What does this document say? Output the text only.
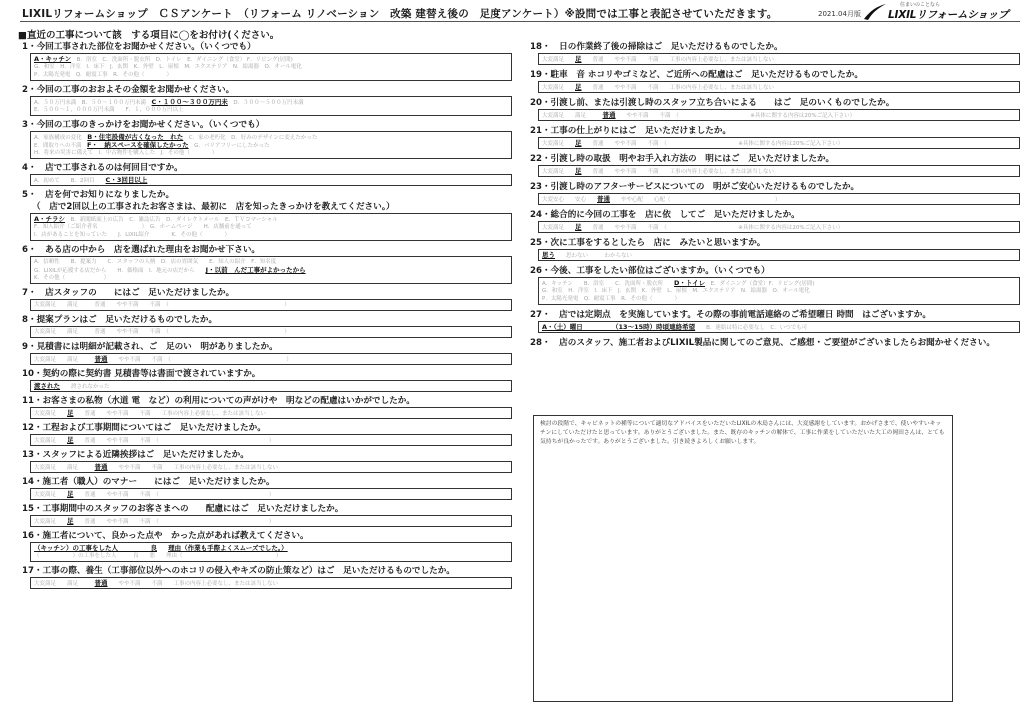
LIXILリフォームショップ　ＣＳアンケート　（リフォーム リノベーション　改築 建替え後の　足度アンケート）※設問では工事と表記させていただきます。	2021.04月版
住まいのことなら
LIXILリフォームショップ
■直近の工事について該　する項目に◯をお付け(ください。
1・今回工事された部位をお聞かせください。（いくつでも）
A・キッチン　B．浴室　C．洗面所・脱衣所　D．トイレ　E．ダイニング（食堂） F．リビング(居間)
G．和室　H．洋室　I．床下　J．玄関　K．外壁　L．屋根　M．エクステリア　N．給湯器　O．オール電化
P．太陽光発電　Q．耐震工事　R．その他（　　　　）
2・今回の工事のおおよその金額をお聞かせください。
A．５０万円未満　B．５０〜１００万円未満　C・１００〜３００万円未　D．３００〜５００万円未満
E．５００〜１，０００万円未満　　F．１，０００万円以上
3・今回の工事のきっかけをお聞かせください。（いくつでも）
A．家族構成の変化　B・住宅設備が古くなった　れた　C．家の老朽化　D．好みのデザインに変えたかった
E．間取りへの不満　F・　納スペースを確保したかった　G．バリアフリーにしたかった
H．将来の災害に備えて　I．中古物件を購入した　J．その他（　　　　）
4・　店で工事されるのは何回目ですか。
A．初めて　　B．2回目　　C・3回目以上
5・　店を何でお知りになりましたか。
（　店で2回以上の工事されたお客さまは、最初に　店を知ったきっかけを教えてください。）
A・チラシ　B．新聞紙面上の広告　C．雑誌広告　D．ダイレクトメール　E．ＴＶコマーシャル
F．知人紹介（ご紹介者名　　　　　　　　）　G．ホームページ　　H．店舗前を通って
I．店があることを知っていた　　J．LIXIL紹介　　　　K．その他（　　　　）
6・　ある店の中から　店を選ばれた理由をお聞かせ下さい。
A．信頼性　　B．提案力　　C．スタッフの人柄　D．店の雰囲気　　E．知人の紹介　F．知名度
G．LIXILが応援する店だから　　H．価格面　I．地元の店だから　　J・以前　んだ工事がよかったから
K．その他（　　　　　　　）
7・　店スタッフの　　にはご　足いただけましたか。
大変満足　　満足　　　普通　　やや不満　　不満　（　　　　　　　　　　　　　　　　　　　　　）
8・提案プランはご　足いただけるものでしたか。
大変満足　　満足　　　普通　　やや不満　　不満　（　　　　　　　　　　　　　　　　　　　　　）
9・見積書には明細が記載され、ご　足のい　明がありましたか。
大変満足　　満足　　　普通　　やや不満　　不満　（　　　　　　　　　　　　　　　　　　　　　）
10・契約の際に契約書 見積書等は書面で渡されていますか。
渡された　　渡されなかった
11・お客さまの私物（水道 電　など）の利用についての声がけや　明などの配慮はいかがでしたか。
大変満足　　足　　普通　　やや不満　　不満　　工事の内容上必要なし、または該当しない
12・工程および工事期間についてはご　足いただけましたか。
大変満足　　足　　普通　　やや不満　　不満　（　　　　　　　　　　　　　　　　　　　　）
13・スタッフによる近隣挨拶はご　足いただけましたか。
大変満足　　満足　　　普通　　やや不満　　不満　　工事の内容上必要なし、または該当しない
14・施工者（職人）のマナー　　にはご　足いただけましたか。
大変満足　　足　　普通　　やや不満　　不満　（　　　　　　　　　　　　　　　　　　　　）
15・工事期間中のスタッフのお客さまへの　　配慮にはご　足いただけましたか。
大変満足　　足　　普通　　やや不満　　不満　（　　　　　　　　　　　　　　　　　　　　）
16・施工者について、良かった点や　かった点があれば教えてください。
（キッチン）の工事をした人　　　　　良　　 理由（作業も手際よくスムーズでした。）
（　　　　　　）の工事をした人　　　良　　悪　　理由（　　　　　　　　　　　　　　　　　）
17・工事の際、養生（工事部位以外へのホコリの侵入やキズの防止策など）はご　足いただけるものでしたか。
大変満足　　満足　　　普通　　やや不満　　不満　　工事の内容上必要なし、または該当しない
18・　日の作業終了後の掃除はご　足いただけるものでしたか。
大変満足　　足　　普通　　やや不満　　不満　　工事の内容上必要なし、または該当しない
19・駐車　音 ホコリやゴミなど、ご近所への配慮はご　足いただけるものでしたか。
大変満足　　足　　普通　　やや不満　　不満　　工事の内容上必要なし、または該当しない
20・引渡し前、または引渡し時のスタッフ立ち合いによる　　はご　足のいくものでしたか。
大変満足　　満足　　　普通　　やや不満　　不満　（　　　　　　　　　　　　　※具体に関する内容は20%ご記入下さい）
21・工事の仕上がりにはご　足いただけましたか。
大変満足　　足　　普通　　やや不満　　不満　（　　　　　　　　　　　　　※具体に関する内容は20%ご記入下さい）
22・引渡し時の取扱　明やお手入れ方法の　明にはご　足いただけましたか。
大変満足　　足　　普通　　やや不満　　不満　　工事の内容上必要なし、または該当しない
23・引渡し時のアフターサービスについての　明がご安心いただけるものでしたか。
大変安心　　安心　　普通　　やや心配　　心配（　　　　　　　　　　　　　　　　　　　）
24・総合的に今回の工事を　店に依　してご　足いただけましたか。
大変満足　　足　　普通　　やや不満　　不満　（　　　　　　　　　　　　　※具体に関する内容は20%ご記入下さい）
25・次に工事をするとしたら　店に　みたいと思いますか。
思う　　思わない　　　わからない
26・今後、工事をしたい部位はございますか。（いくつでも）
A．キッチン　　B．浴室　　C．洗面所・脱衣所　　D・トイレ　E．ダイニング（食堂）F．リビング(居間)
G．和室　H．洋室　I．床下　J．玄関　K．外壁　L．屋根　M．エクステリア　N．給湯器　O．オール電化
P．太陽光発電　Q．耐震工事　R．その他（　　　　）
27・　店では定期点　を実施しています。その際の事前電話連絡のご希望曜日 時間　はございますか。
A・（土）曜日　　　　　（13〜15時）時頃連絡希望　　B．連絡は特に必要なし　C．いつでも可
28・　店のスタッフ、施工者およびLIXIL製品に関してのご意見、ご感想・ご要望がございましたらお聞かせください。
検討の段階で、キャビネットの種等について適切なアドバイスをいただいたLIXILの木島さんには、大変感謝をしています。おかげさまで、使いやすいキッチンにしていただけたと思っています。ありがとうございました。また、既存のキッチンの解体で、工事に作業をしていただいた大工の岡田さんは、とても気持ちが良かったです。ありがとうございました。引き続きよろしくお願いします。
